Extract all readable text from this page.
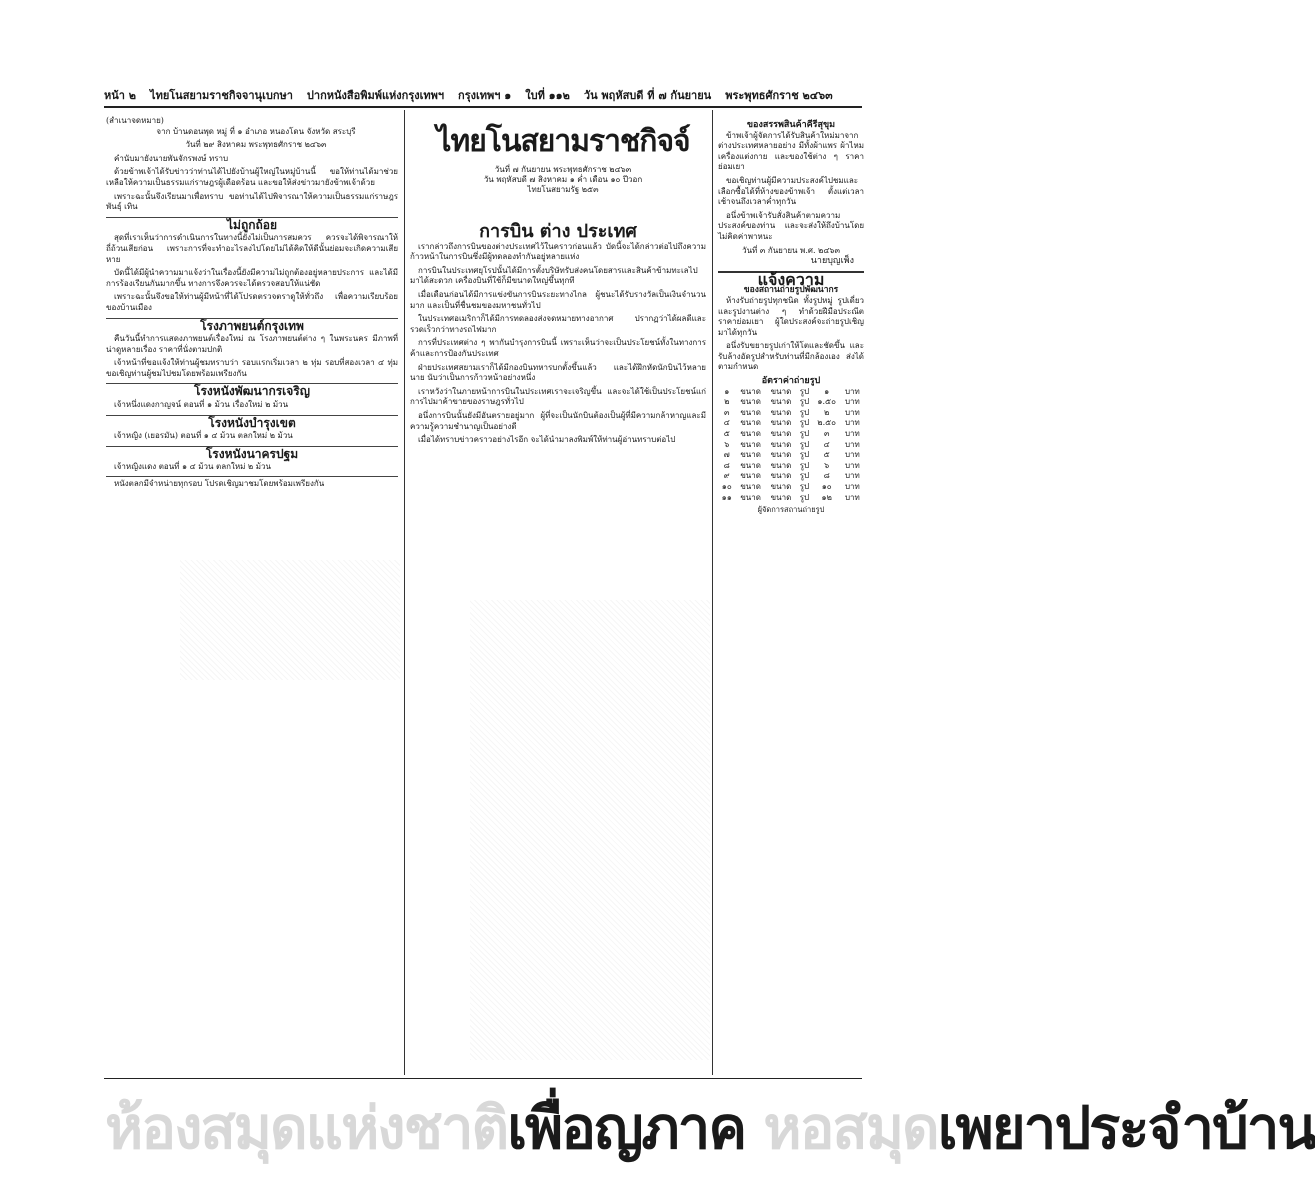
หน้า ๒ ไทยโนสยามราชกิจจานุเบกษา ปากหนังสือพิมพ์แห่งกรุงเทพฯ กรุงเทพฯ ๑ ใบที่ ๑๑๒ วัน พฤหัสบดี ที่ ๗ กันยายน พระพุทธศักราช ๒๔๖๓
(สำเนาจดหมาย)

จาก บ้านดอนพุด หมู่ ที่ ๑ อำเภอ หนองโดน จังหวัด สระบุรี

วันที่ ๒๙ สิงหาคม พระพุทธศักราช ๒๔๖๓

คำนับมายังนายพันจักรพงษ์ ทราบ

ด้วยข้าพเจ้าได้รับข่าวว่าท่านได้ไปยังบ้านผู้ใหญ่ในหมู่บ้านนี้ ขอให้ท่านได้มาช่วยเหลือให้ความเป็นธรรมแก่ราษฎรผู้เดือดร้อน และขอให้ส่งข่าวมายังข้าพเจ้าด้วย

เพราะฉะนั้นจึงเรียนมาเพื่อทราบ ขอท่านได้ไปพิจารณาให้ความเป็นธรรมแก่ราษฎร พันธุ์ เทิน

ไม่ถูกถ้อย

สุดที่เราเห็นว่าการดำเนินการในทางนี้ยังไม่เป็นการสมควร ควรจะได้พิจารณาให้ถี่ถ้วนเสียก่อน เพราะการที่จะทำอะไรลงไปโดยไม่ได้คิดให้ดีนั้นย่อมจะเกิดความเสียหาย

บัดนี้ได้มีผู้นำความมาแจ้งว่าในเรื่องนี้ยังมีความไม่ถูกต้องอยู่หลายประการ และได้มีการร้องเรียนกันมากขึ้น ทางการจึงควรจะได้ตรวจสอบให้แน่ชัด

เพราะฉะนั้นจึงขอให้ท่านผู้มีหน้าที่ได้โปรดตรวจตราดูให้ทั่วถึง เพื่อความเรียบร้อยของบ้านเมือง

โรงภาพยนต์กรุงเทพ

คืนวันนี้ทำการแสดงภาพยนต์เรื่องใหม่ ณ โรงภาพยนต์ต่าง ๆ ในพระนคร มีภาพที่น่าดูหลายเรื่อง ราคาที่นั่งตามปกติ

เจ้าหน้าที่ขอแจ้งให้ท่านผู้ชมทราบว่า รอบแรกเริ่มเวลา ๒ ทุ่ม รอบที่สองเวลา ๔ ทุ่ม ขอเชิญท่านผู้ชมไปชมโดยพร้อมเพรียงกัน

โรงหนังพัฒนากรเจริญ

เจ้าหนึ่งแดงกาญจน์ ตอนที่ ๑ ม้วน เรื่องใหม่ ๒ ม้วน

โรงหนังบำรุงเขต

เจ้าหญิง (เยอรมัน) ตอนที่ ๑ ๔ ม้วน ตลกใหม่ ๒ ม้วน

โรงหนังนาครปฐม

เจ้าหญิงแดง ตอนที่ ๑ ๔ ม้วน ตลกใหม่ ๒ ม้วน

หนังตลกมีจำหน่ายทุกรอบ โปรดเชิญมาชมโดยพร้อมเพรียงกัน

ไทยโนสยามราชกิจจ์
วันที่ ๗ กันยายน พระพุทธศักราช ๒๔๖๓
วัน พฤหัสบดี ๗ สิงหาคม ๑ ค่ำ เดือน ๑๐ ปีวอก
ไทยโนสยามรัฐ ๒๕๓
การบิน ต่าง ประเทศ

เรากล่าวถึงการบินของต่างประเทศไว้ในคราวก่อนแล้ว บัดนี้จะได้กล่าวต่อไปถึงความก้าวหน้าในการบินซึ่งมีผู้ทดลองทำกันอยู่หลายแห่ง

การบินในประเทศยุโรปนั้นได้มีการตั้งบริษัทรับส่งคนโดยสารและสินค้าข้ามทะเลไปมาได้สะดวก เครื่องบินที่ใช้ก็มีขนาดใหญ่ขึ้นทุกที

เมื่อเดือนก่อนได้มีการแข่งขันการบินระยะทางไกล ผู้ชนะได้รับรางวัลเป็นเงินจำนวนมาก และเป็นที่ชื่นชมของมหาชนทั่วไป

ในประเทศอเมริกาก็ได้มีการทดลองส่งจดหมายทางอากาศ ปรากฏว่าได้ผลดีและรวดเร็วกว่าทางรถไฟมาก

การที่ประเทศต่าง ๆ พากันบำรุงการบินนี้ เพราะเห็นว่าจะเป็นประโยชน์ทั้งในทางการค้าและการป้องกันประเทศ

ฝ่ายประเทศสยามเราก็ได้มีกองบินทหารบกตั้งขึ้นแล้ว และได้ฝึกหัดนักบินไว้หลายนาย นับว่าเป็นการก้าวหน้าอย่างหนึ่ง

เราหวังว่าในภายหน้าการบินในประเทศเราจะเจริญขึ้น และจะได้ใช้เป็นประโยชน์แก่การไปมาค้าขายของราษฎรทั่วไป

อนึ่งการบินนั้นยังมีอันตรายอยู่มาก ผู้ที่จะเป็นนักบินต้องเป็นผู้ที่มีความกล้าหาญและมีความรู้ความชำนาญเป็นอย่างดี

เมื่อได้ทราบข่าวคราวอย่างไรอีก จะได้นำมาลงพิมพ์ให้ท่านผู้อ่านทราบต่อไป

ของสรรพสินค้าคีรีสุขุม

ข้าพเจ้าผู้จัดการได้รับสินค้าใหม่มาจากต่างประเทศหลายอย่าง มีทั้งผ้าแพร ผ้าไหม เครื่องแต่งกาย และของใช้ต่าง ๆ ราคาย่อมเยา

ขอเชิญท่านผู้มีความประสงค์ไปชมและเลือกซื้อได้ที่ห้างของข้าพเจ้า ตั้งแต่เวลาเช้าจนถึงเวลาค่ำทุกวัน

อนึ่งข้าพเจ้ารับสั่งสินค้าตามความประสงค์ของท่าน และจะส่งให้ถึงบ้านโดยไม่คิดค่าพาหนะ

วันที่ ๓ กันยายน พ.ศ. ๒๔๖๓
นายบุญเพ็ง
แจ้งความ
ของสถานถ่ายรูปพัฒนากร

ห้างรับถ่ายรูปทุกชนิด ทั้งรูปหมู่ รูปเดี่ยว และรูปงานต่าง ๆ ทำด้วยฝีมือประณีต ราคาย่อมเยา ผู้ใดประสงค์จะถ่ายรูปเชิญมาได้ทุกวัน

อนึ่งรับขยายรูปเก่าให้โตและชัดขึ้น และรับล้างอัดรูปสำหรับท่านที่มีกล้องเอง ส่งได้ตามกำหนด

อัตราค่าถ่ายรูป
๑	ขนาด	ขนาด	รูป	๑	บาท
๒	ขนาด	ขนาด	รูป	๑.๕๐	บาท
๓	ขนาด	ขนาด	รูป	๒	บาท
๔	ขนาด	ขนาด	รูป	๒.๕๐	บาท
๕	ขนาด	ขนาด	รูป	๓	บาท
๖	ขนาด	ขนาด	รูป	๔	บาท
๗	ขนาด	ขนาด	รูป	๕	บาท
๘	ขนาด	ขนาด	รูป	๖	บาท
๙	ขนาด	ขนาด	รูป	๘	บาท
๑๐	ขนาด	ขนาด	รูป	๑๐	บาท
๑๑	ขนาด	ขนาด	รูป	๑๒	บาท
ผู้จัดการสถานถ่ายรูป
ห้องสมุดแห่งชาติเพื่อญภาค หอสมุดเพยาประจำบ้าน
